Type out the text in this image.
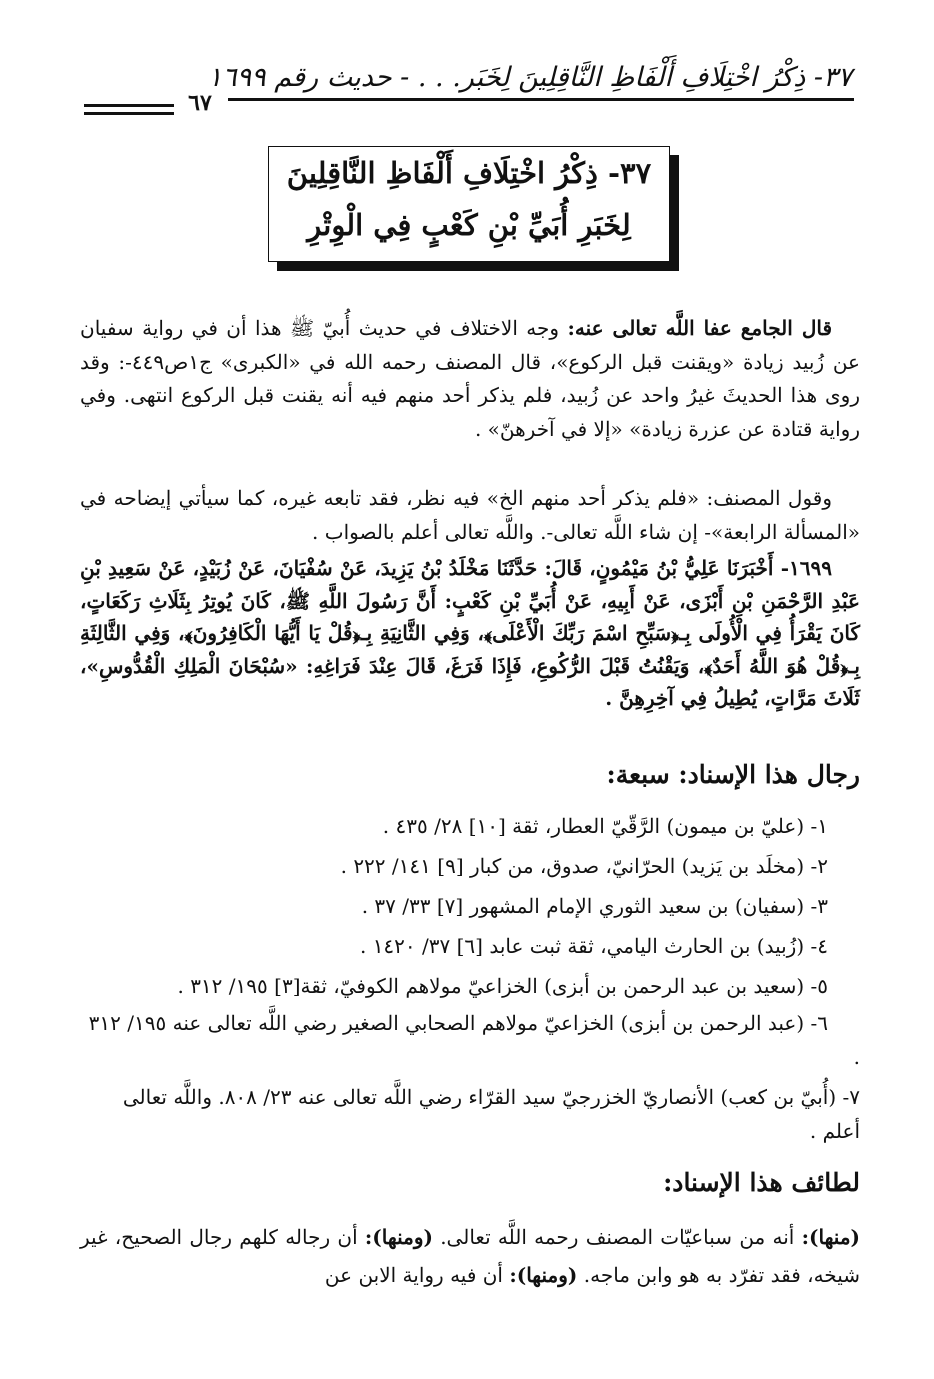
٣٧- ذِكْرُ اخْتِلَافِ أَلْفَاظِ النَّاقِلِينَ لِخَبَر. . . - حديث رقم ١٦٩٩
٦٧
٣٧- ذِكْرُ اخْتِلَافِ أَلْفَاظِ النَّاقِلِينَ
لِخَبَرِ أُبَيِّ بْنِ كَعْبٍ فِي الْوِتْرِ

قال الجامع عفا اللَّه تعالى عنه: وجه الاختلاف في حديث أُبيّ ﷺ هذا أن في رواية سفيان عن زُبيد زيادة «ويقنت قبل الركوع»، قال المصنف رحمه الله في «الكبرى» ج١ص٤٤٩-: وقد روى هذا الحديثَ غيرُ واحد عن زُبيد، فلم يذكر أحد منهم فيه أنه يقنت قبل الركوع انتهى. وفي رواية قتادة عن عزرة زيادة» «إلا في آخرهنّ» .

وقول المصنف: «فلم يذكر أحد منهم الخ» فيه نظر، فقد تابعه غيره، كما سيأتي إيضاحه في «المسألة الرابعة»- إن شاء اللَّه تعالى-. واللَّه تعالى أعلم بالصواب .

١٦٩٩- أَخْبَرَنَا عَلِيُّ بْنُ مَيْمُونٍ، قَالَ: حَدَّثَنَا مَخْلَدُ بْنُ يَزِيدَ، عَنْ سُفْيَانَ، عَنْ زُبَيْدٍ، عَنْ سَعِيدِ بْنِ عَبْدِ الرَّحْمَنِ بْنِ أَبْزَى، عَنْ أَبِيهِ، عَنْ أُبَيِّ بْنِ كَعْبٍ: أَنَّ رَسُولَ اللَّهِ ﷺ، كَانَ يُوتِرُ بِثَلَاثِ رَكَعَاتٍ، كَانَ يَقْرَأُ فِي الْأُولَى بِـ﴿سَبِّحِ اسْمَ رَبِّكَ الْأَعْلَى﴾، وَفِي الثَّانِيَةِ بِـ﴿قُلْ يَا أَيُّهَا الْكَافِرُونَ﴾، وَفِي الثَّالِثَةِ بِـ﴿قُلْ هُوَ اللَّهُ أَحَدٌ﴾، وَيَقْنُتُ قَبْلَ الرُّكُوعِ، فَإِذَا فَرَغَ، قَالَ عِنْدَ فَرَاغِهِ: «سُبْحَانَ الْمَلِكِ الْقُدُّوسِ»، ثَلَاثَ مَرَّاتٍ، يُطِيلُ فِي آخِرِهِنَّ .

رجال هذا الإسناد: سبعة:
١- (عليّ بن ميمون) الرَّقّيّ العطار، ثقة [١٠] ٢٨/ ٤٣٥ .
٢- (مخلَد بن يَزيد) الحرّانيّ، صدوق، من كبار [٩] ١٤١/ ٢٢٢ .
٣- (سفيان) بن سعيد الثوري الإمام المشهور [٧] ٣٣/ ٣٧ .
٤- (زُبيد) بن الحارث اليامي، ثقة ثبت عابد [٦] ٣٧/ ١٤٢٠ .
٥- (سعيد بن عبد الرحمن بن أبزى) الخزاعيّ مولاهم الكوفيّ، ثقة[٣] ١٩٥/ ٣١٢ .
٦- (عبد الرحمن بن أبزى) الخزاعيّ مولاهم الصحابي الصغير رضي اللَّه تعالى عنه ١٩٥/ ٣١٢ .
٧- (أُبيّ بن كعب) الأنصاريّ الخزرجيّ سيد القرّاء رضي اللَّه تعالى عنه ٢٣/ ٨٠٨. واللَّه تعالى أعلم .
لطائف هذا الإسناد:

(منها): أنه من سباعيّات المصنف رحمه اللَّه تعالى. (ومنها): أن رجاله كلهم رجال الصحيح، غير شيخه، فقد تفرّد به هو وابن ماجه. (ومنها): أن فيه رواية الابن عن
